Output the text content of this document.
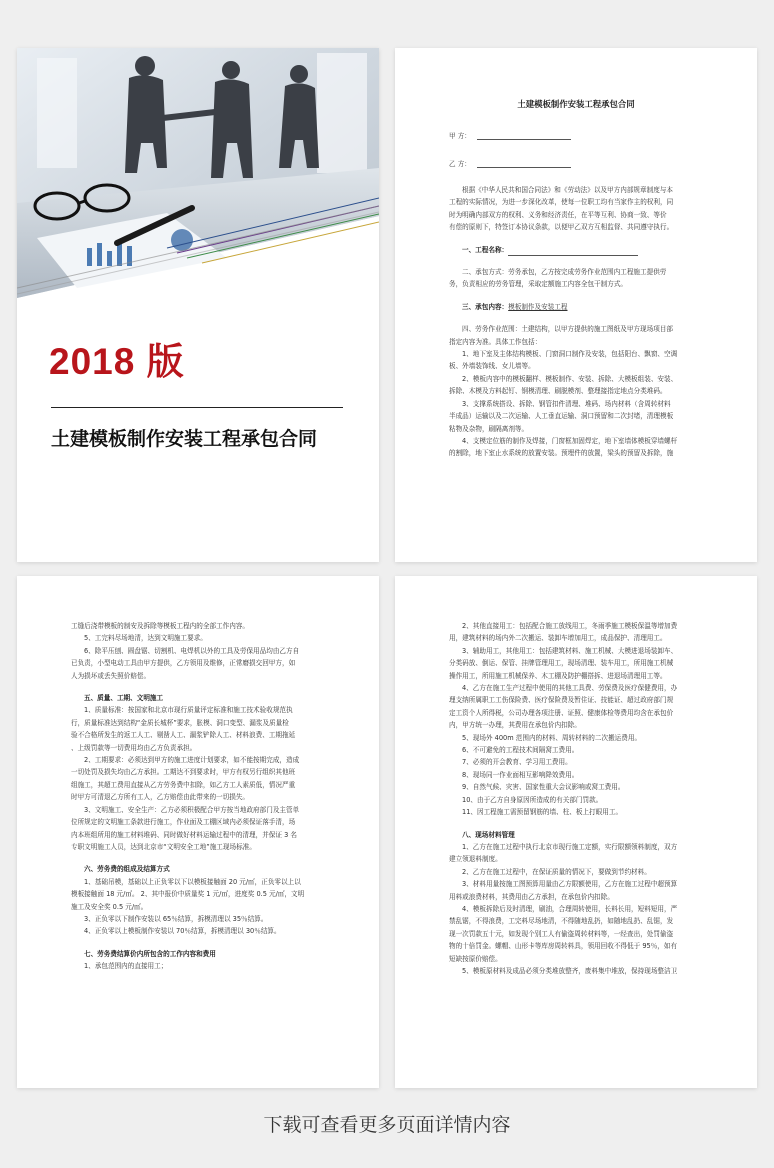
2018 版
土建模板制作安装工程承包合同
土建模板制作安装工程承包合同
甲 方：
乙 方：

根据《中华人民共和国合同法》和《劳动法》以及甲方内部规章制度与本

工程的实际情况，为进一步深化改革，使每一位职工均有当家作主的权利，同

时为明确内部双方的权利、义务和经济责任，在平等互利、协商一致、等价

有偿的原则下，特签订本协议条款，以便甲乙双方互相监督、共同遵守执行。

一、工程名称：

二、承包方式：劳务承包，乙方按完成劳务作业范围内工程施工提供劳

务，负责相应的劳务管理，采取定额施工内容全包干制方式。

三、承包内容：模板制作及安装工程

四、劳务作业范围：土建结构，以甲方提供的施工图纸及甲方现场项目部

指定内容为准。具体工作包括：

1、地下室及主体结构模板、门窗洞口制作及安装，包括阳台、飘窗、空调

板、外墙装饰线、女儿墙等。

2、模板内容中的模板翻样、模板制作、安装、拆除、大模板组装、安装、

拆除、木模及方料起钉、钢模清理、刷脱模剂、整理接指定地点分类堆码。

3、支撑系统搭设、拆除、钢管扣件清理、堆码、场内材料（含周转材料

半成品）运输以及二次运输、人工垂直运输、洞口预留和二次封堵，清理模板

粘物及杂物，刷隔离剂等。

4、支模定位筋的制作及焊接，门窗框加固焊定，地下室墙体模板穿墙螺杆

的割除，地下室止水系统的放置安装。预埋件的放置，梁头的预留及拆除，施

工缝后浇带模板的制安及拆除等模板工程内的全部工作内容。

5、工完料尽场地清，达到文明施工要求。

6、除平压刨、圆盘锯、切割机、电焊机以外的工具及劳保用品均由乙方自

已负责，小型电动工具由甲方提供，乙方领用及维修，正常磨损交回甲方，如

人为损坏或丢失照价赔偿。

五、质量、工期、文明施工

1、质量标准：按国家和北京市现行质量评定标准和施工技术验收规范执

行，质量标准达到结构“金质长城杯”要求，胀模、洞口变型、漏浆及质量检

验不合格所发生的返工人工、剔凿人工、漏浆铲除人工、材料浪费、工期拖延

、上级罚款等一切费用均由乙方负责承担。

2、工期要求：必须达到甲方的施工进度计划要求，如不能按期完成，造成

一切处罚及损失均由乙方承担。工期达不到要求时，甲方有权另行组织其他班

组施工，其超工费用直接从乙方劳务费中扣除，如乙方工人素质低，情况严重

时甲方可清退乙方所有工人，乙方赔偿由此带来的一切损失。

3、文明施工、安全生产：乙方必须积极配合甲方按当地政府部门及主管单

位所规定的文明施工条款进行施工，作业面及工棚区域内必须保证落手清，场

内本班组所用的施工材料堆码、同时做好材料运输过程中的清理，并保证 3 名

专职文明施工人员，达到北京市“文明安全工地”施工现场标准。

六、劳务费的组成及结算方式

1、基础吊模，基础以上正负零以下以模板接触面 20 元/㎡，正负零以上以

模板接触面 18 元/㎡。 2、其中报价中质量奖 1 元/㎡，进度奖 0.5 元/㎡，文明

施工及安全奖 0.5 元/㎡。

3、正负零以下制作安装以 65％结算，拆模清理以 35％结算。

4、正负零以上模板制作安装以 70％结算，拆模清理以 30％结算。

七、劳务费结算价内所包含的工作内容和费用

1、承包范围内的直接用工；

2、其他直接用工：包括配合施工放线用工，冬雨季施工模板保温等增加费

用，建筑材料的场内外二次搬运、装卸车增加用工，成品保护、清理用工。

3、辅助用工，其他用工：包括建筑材料、施工机械、大模进退场装卸车、

分类码放、倒运、保管、挂牌管理用工，现场清理、装车用工，所用施工机械

操作用工，所用施工机械保养、木工棚及防护棚搭拆、进退场清理用工等。

4、乙方在施工生产过程中使用的其他工具费、劳保费及医疗保健费用，办

理支纳所属职工工伤保险费、医疗保险费及暂住证、技能证、超过政府部门规

定工资个人所得税，公司办理各项注册、证照、健康体检等费用均含在承包价

内，甲方统一办理，其费用在承包价内扣除。

5、现场外 400m 范围内的材料、周转材料的二次搬运费用。

6、不可避免的工程技术间隔窝工费用。

7、必须的开会教育、学习用工费用。

8、现场同一作业面相互影响降效费用。

9、自然气候、灾害、国家性重大会议影响或窝工费用。

10、由于乙方自身原因所造成的有关部门罚款。

11、因工程施工需预留钢筋的墙、柱、板上打眼用工。

八、现场材料管理

1、乙方在施工过程中执行北京市现行施工定额，实行限额领料制度，双方

建立领退料制度。

2、乙方在施工过程中，在保证质量的情况下，要做到节约材料。

3、材料用量按施工图预算用量由乙方限额使用，乙方在施工过程中超预算

用料或浪费材料，其费用由乙方承担，在承包价内扣除。

4、模板拆除后及时清理，刷油，合理周转使用，长料长用，短料短用，严

禁乱锯，不得浪费，工完料尽场地清，不得随地乱扔，如随地乱扔、乱锯，发

现一次罚款五十元，如发现个别工人有偷盗周转材料等，一经查出，处罚偷盗

物的十倍罚金。螺帽、山形卡等库房周转料具，领用回收不得低于 95％，如有

短缺按原价赔偿。

5、模板原材料及成品必须分类堆放整齐，废料集中堆放，保持现场整洁卫

下载可查看更多页面详情内容
